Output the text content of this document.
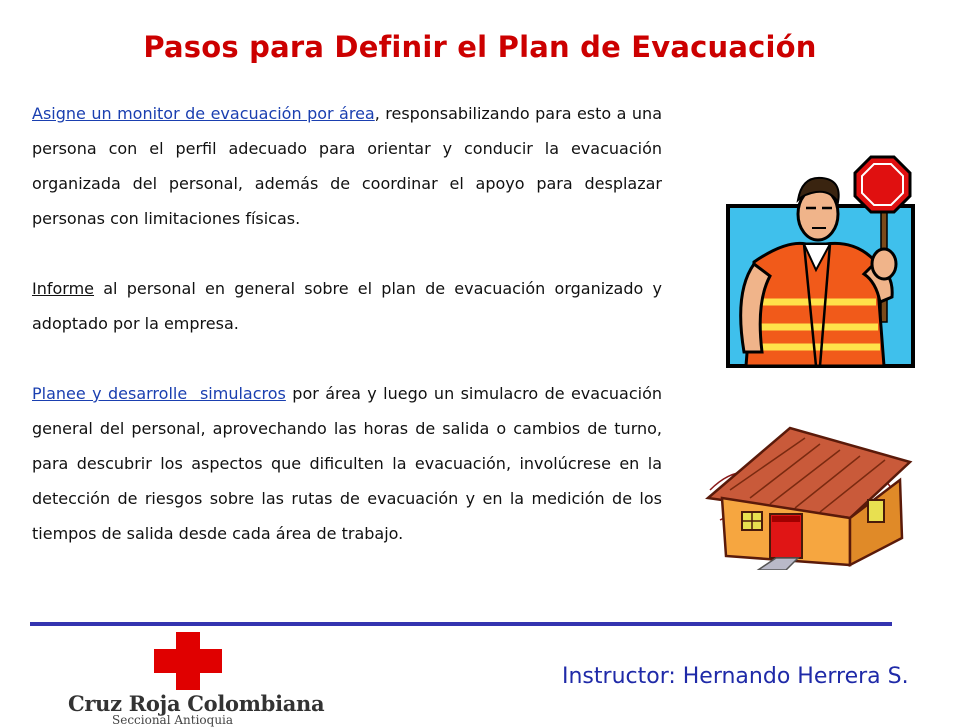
Pasos para Definir el Plan de Evacuación

Asigne un monitor de evacuación por área, responsabilizando para esto a una persona con el perfil adecuado para orientar y conducir la evacuación organizada del personal, además de coordinar el apoyo para desplazar personas con limitaciones físicas.

Informe al personal en general sobre el plan de evacuación organizado y adoptado por la empresa.

Planee y desarrolle  simulacros por área y luego un simulacro de evacuación general del personal, aprovechando las horas de salida o cambios de turno, para descubrir los aspectos que dificulten la evacuación, involúcrese en la detección de riesgos sobre las rutas de evacuación y en la medición de los tiempos de salida desde cada área de trabajo.

Cruz Roja Colombiana
Seccional Antioquia
Instructor: Hernando Herrera S.
